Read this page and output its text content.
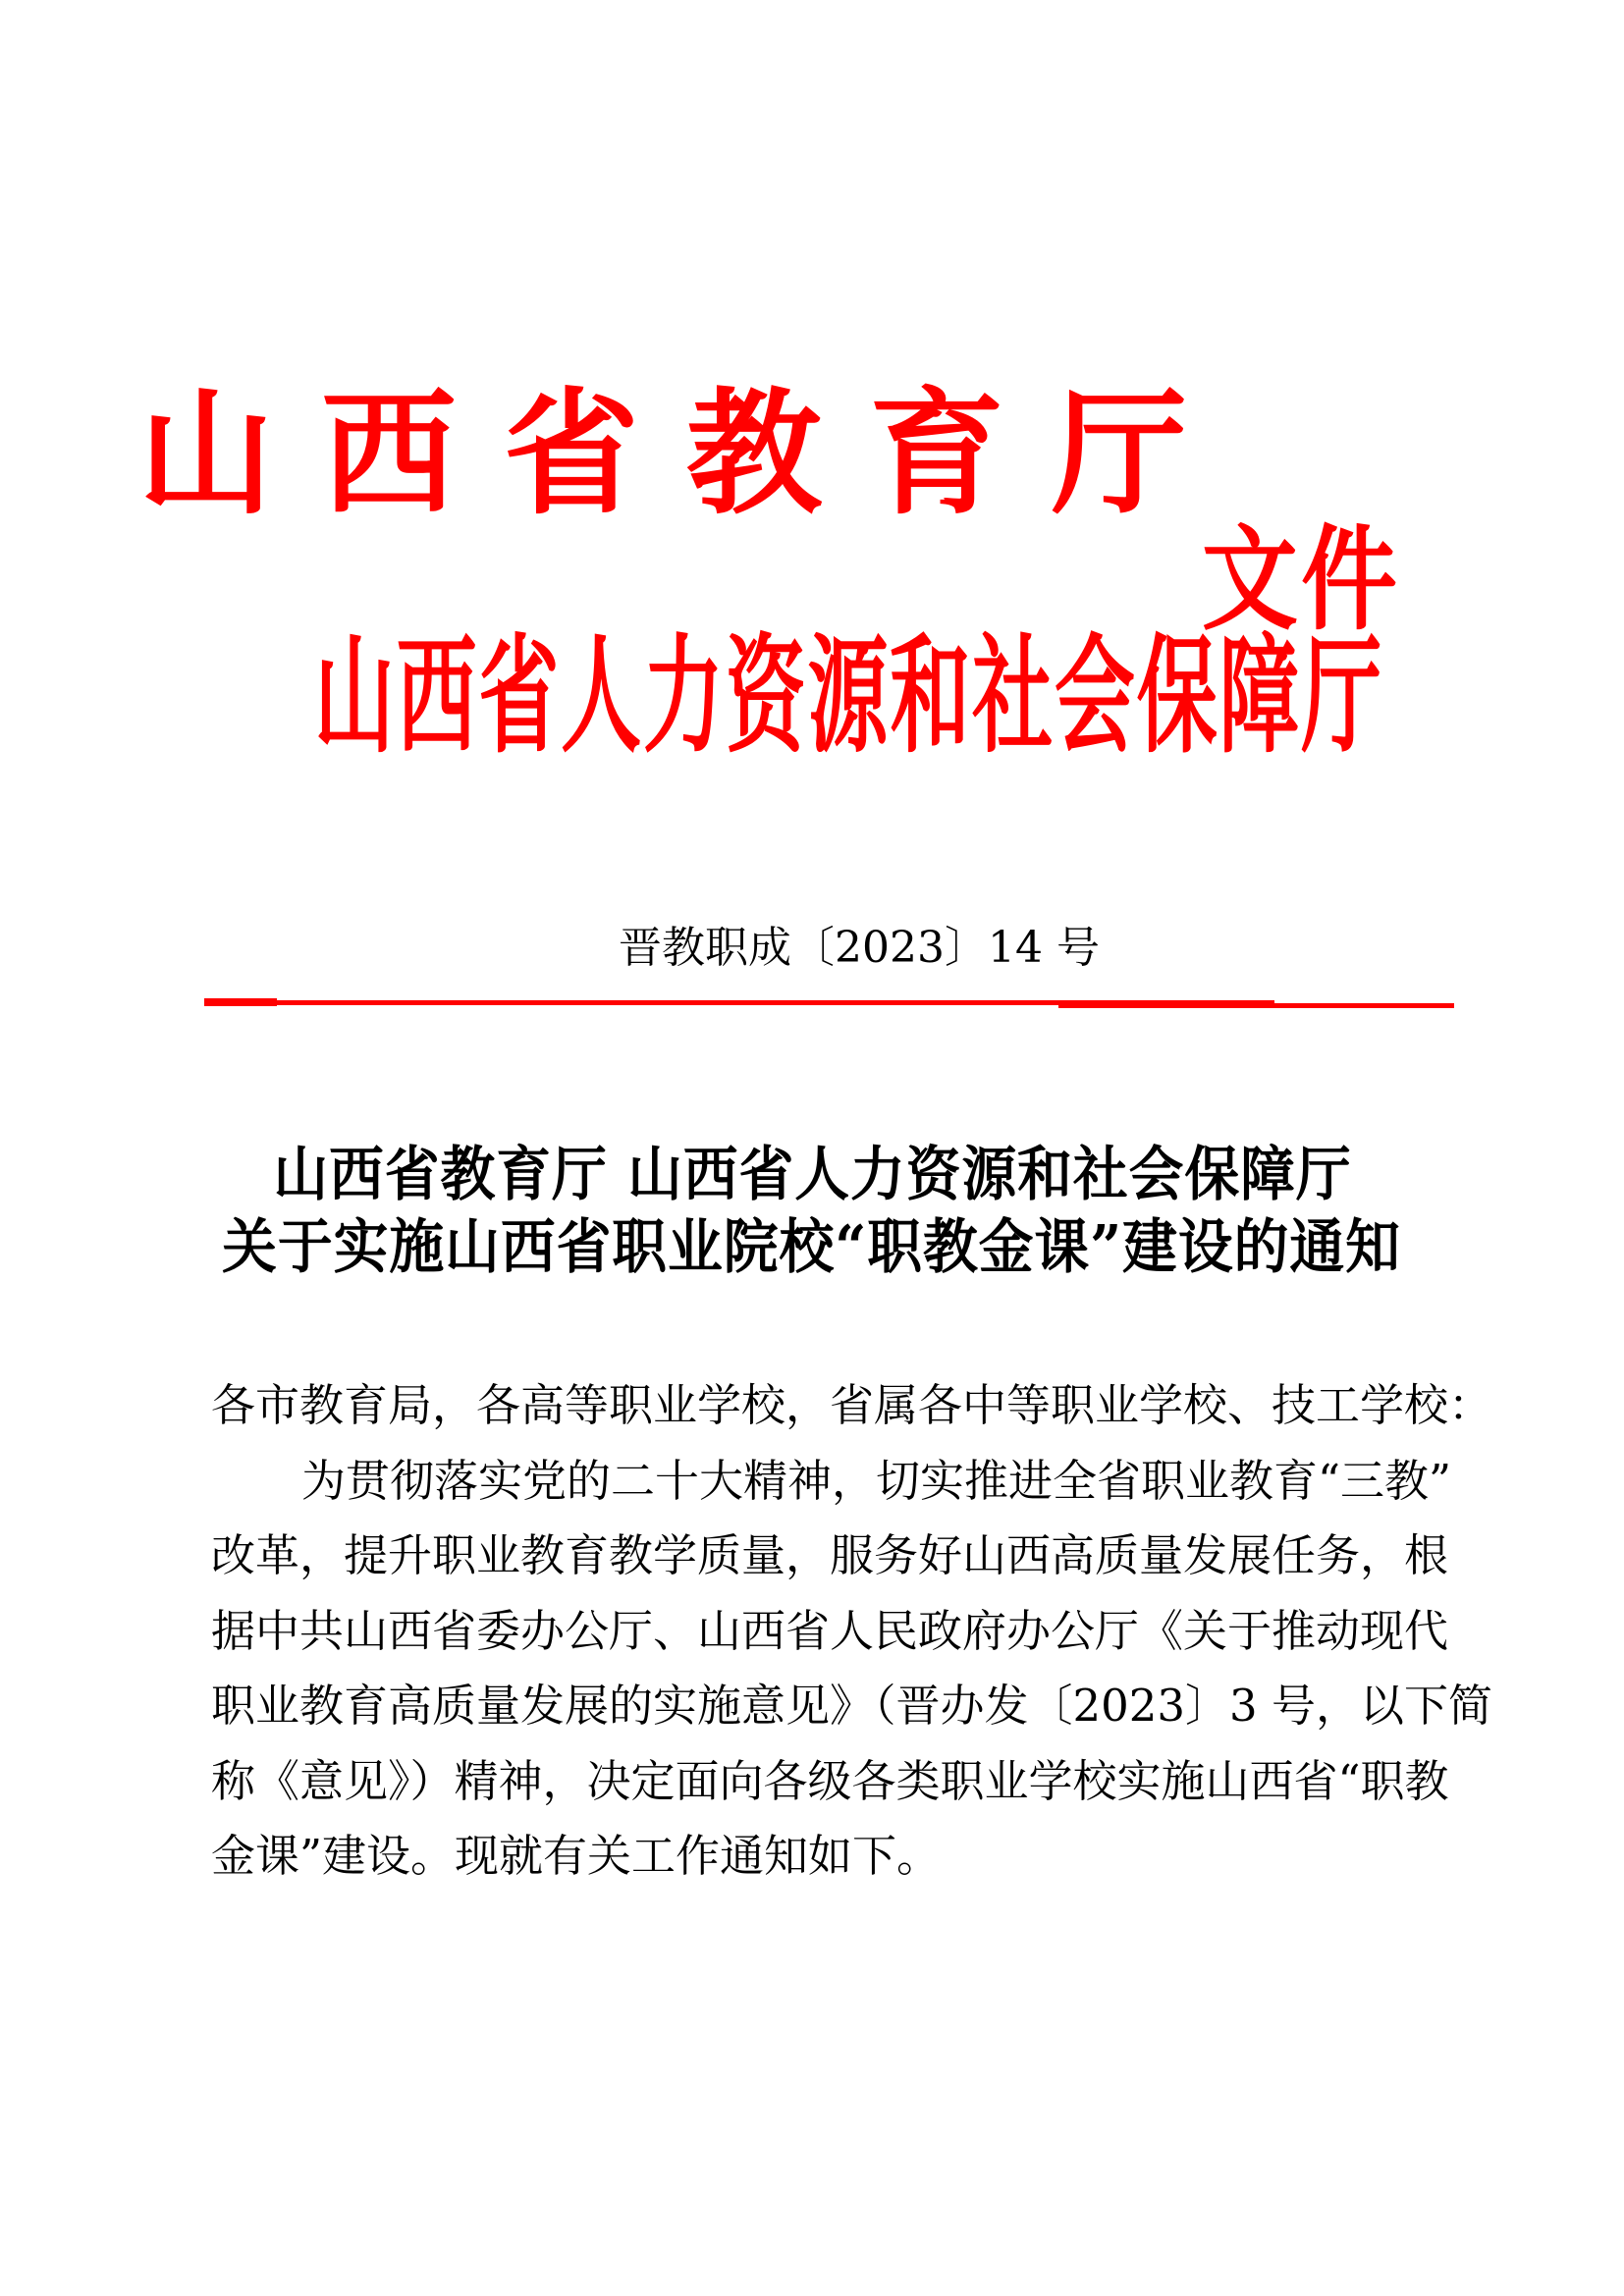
山 西 省 教 育 厅
文件
山西省人力资源和社会保障厅
晋教职成〔2023〕14 号
山西省教育厅 山西省人力资源和社会保障厅
关于实施山西省职业院校“职教金课”建设的通知
各市教育局，各高等职业学校，省属各中等职业学校、技工学校：
为贯彻落实党的二十大精神，切实推进全省职业教育“三教”
改革，提升职业教育教学质量，服务好山西高质量发展任务，根
据中共山西省委办公厅、山西省人民政府办公厅《关于推动现代
职业教育高质量发展的实施意见》（晋办发〔2023〕3 号，以下简
称《意见》）精神，决定面向各级各类职业学校实施山西省“职教
金课”建设。现就有关工作通知如下。
